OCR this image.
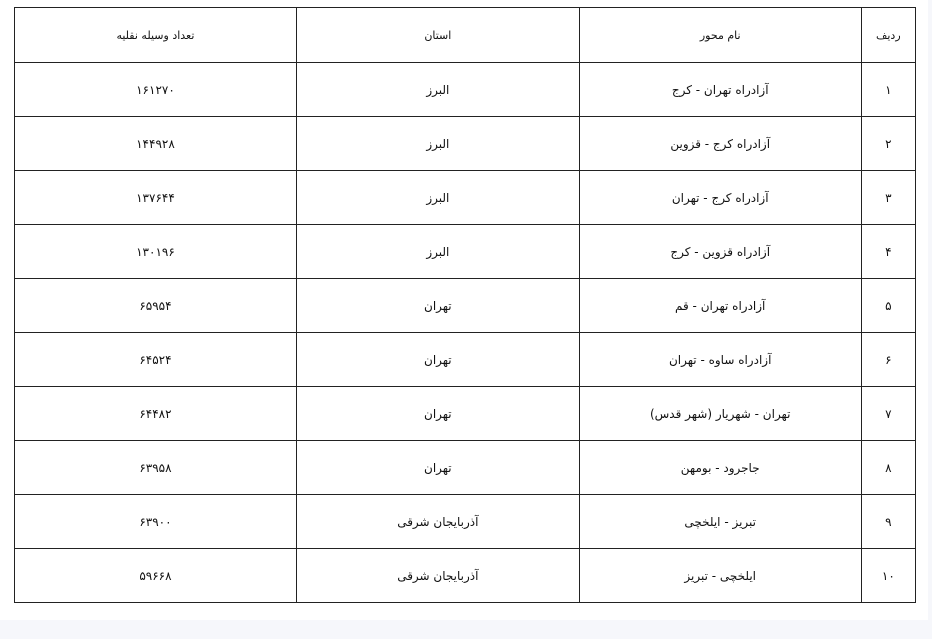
ردیف	نام محور	استان	تعداد وسیله نقلیه
۱	آزادراه تهران - کرج	البرز	۱۶۱۲۷۰
۲	آزادراه کرج - قزوین	البرز	۱۴۴۹۲۸
۳	آزادراه کرج - تهران	البرز	۱۳۷۶۴۴
۴	آزادراه قزوین - کرج	البرز	۱۳۰۱۹۶
۵	آزادراه تهران - قم	تهران	۶۵۹۵۴
۶	آزادراه ساوه - تهران	تهران	۶۴۵۲۴
۷	تهران - شهریار (شهر قدس)	تهران	۶۴۴۸۲
۸	جاجرود - بومهن	تهران	۶۳۹۵۸
۹	تبریز - ایلخچی	آذربایجان شرقی	۶۳۹۰۰
۱۰	ایلخچی - تبریز	آذربایجان شرقی	۵۹۶۶۸
